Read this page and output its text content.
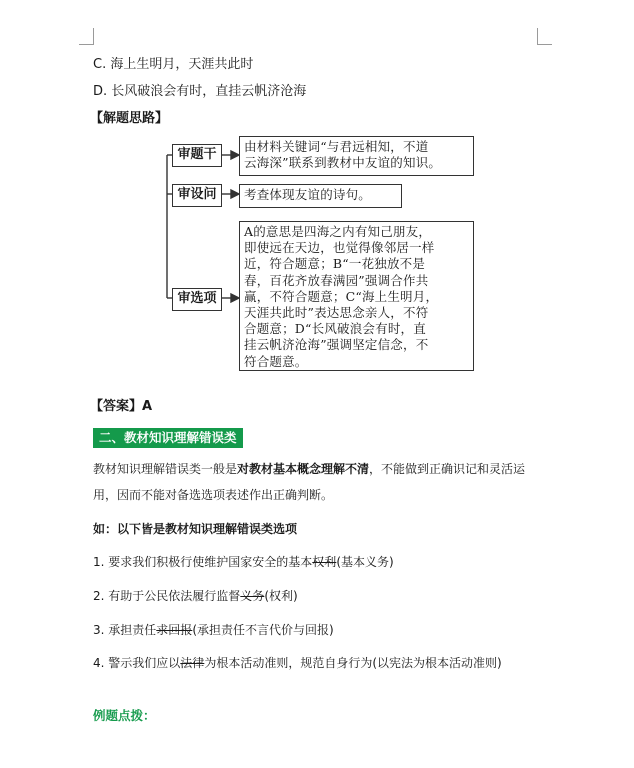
C. 海上生明月，天涯共此时
D. 长风破浪会有时，直挂云帆济沧海
【解题思路】
审题干
由材料关键词“与君远相知，不道
云海深”联系到教材中友谊的知识。
审设问	考查体现友谊的诗句。
审选项
A的意思是四海之内有知己朋友，
即使远在天边，也觉得像邻居一样
近，符合题意；B“一花独放不是
春，百花齐放春满园”强调合作共
赢，不符合题意；C“海上生明月，
天涯共此时”表达思念亲人，不符
合题意；D“长风破浪会有时，直
挂云帆济沧海”强调坚定信念，不
符合题意。
【答案】A
二、教材知识理解错误类
教材知识理解错误类一般是对教材基本概念理解不清，不能做到正确识记和灵活运用，因而不能对备选选项表述作出正确判断。
如：以下皆是教材知识理解错误类选项
1. 要求我们积极行使维护国家安全的基本权利(基本义务)
2. 有助于公民依法履行监督义务(权利)
3. 承担责任求回报(承担责任不言代价与回报)
4. 警示我们应以法律为根本活动准则，规范自身行为(以宪法为根本活动准则)
例题点拨：
